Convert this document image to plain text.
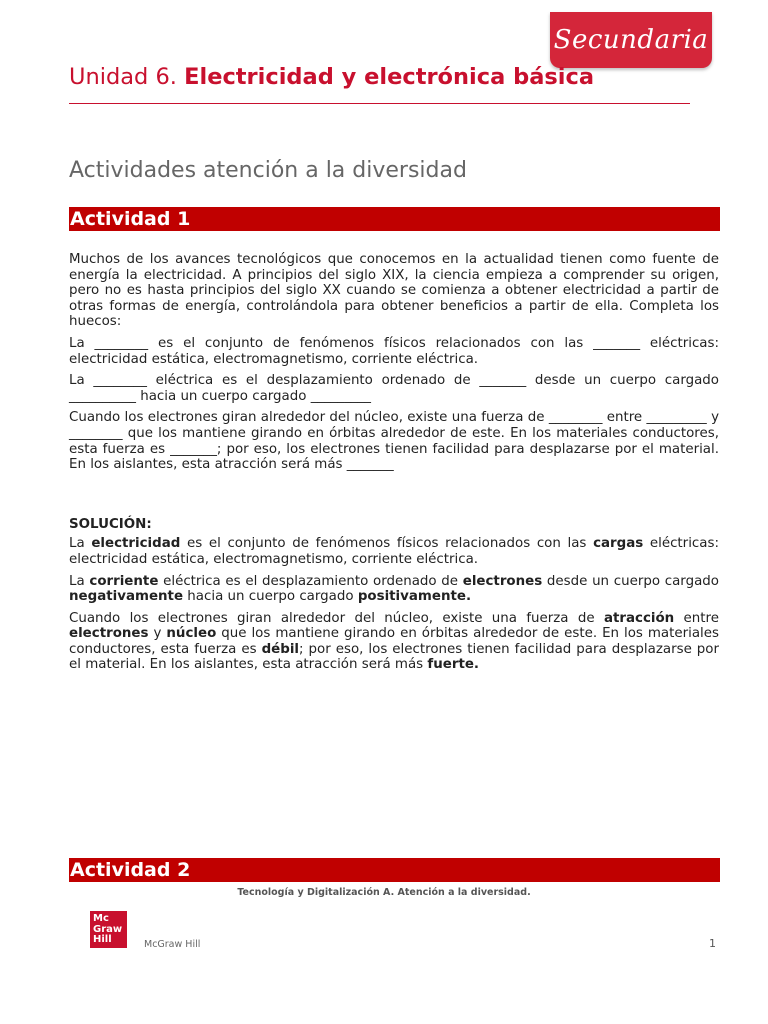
Secundaria
Unidad 6. Electricidad y electrónica básica
Actividades atención a la diversidad
Actividad 1

Muchos de los avances tecnológicos que conocemos en la actualidad tienen como fuente de energía la electricidad. A principios del siglo XIX, la ciencia empieza a comprender su origen, pero no es hasta principios del siglo XX cuando se comienza a obtener electricidad a partir de otras formas de energía, controlándola para obtener beneficios a partir de ella. Completa los huecos:

La ________ es el conjunto de fenómenos físicos relacionados con las _______ eléctricas: electricidad estática, electromagnetismo, corriente eléctrica.

La ________ eléctrica es el desplazamiento ordenado de _______ desde un cuerpo cargado __________ hacia un cuerpo cargado _________

Cuando los electrones giran alrededor del núcleo, existe una fuerza de ________ entre _________ y ________ que los mantiene girando en órbitas alrededor de este. En los materiales conductores, esta fuerza es _______; por eso, los electrones tienen facilidad para desplazarse por el material. En los aislantes, esta atracción será más _______

SOLUCIÓN:

La electricidad es el conjunto de fenómenos físicos relacionados con las cargas eléctricas: electricidad estática, electromagnetismo, corriente eléctrica.

La corriente eléctrica es el desplazamiento ordenado de electrones desde un cuerpo cargado negativamente hacia un cuerpo cargado positivamente.

Cuando los electrones giran alrededor del núcleo, existe una fuerza de atracción entre electrones y núcleo que los mantiene girando en órbitas alrededor de este. En los materiales conductores, esta fuerza es débil; por eso, los electrones tienen facilidad para desplazarse por el material. En los aislantes, esta atracción será más fuerte.

Actividad 2
Tecnología y Digitalización A. Atención a la diversidad.
Mc
Graw
Hill	McGraw Hill	1
